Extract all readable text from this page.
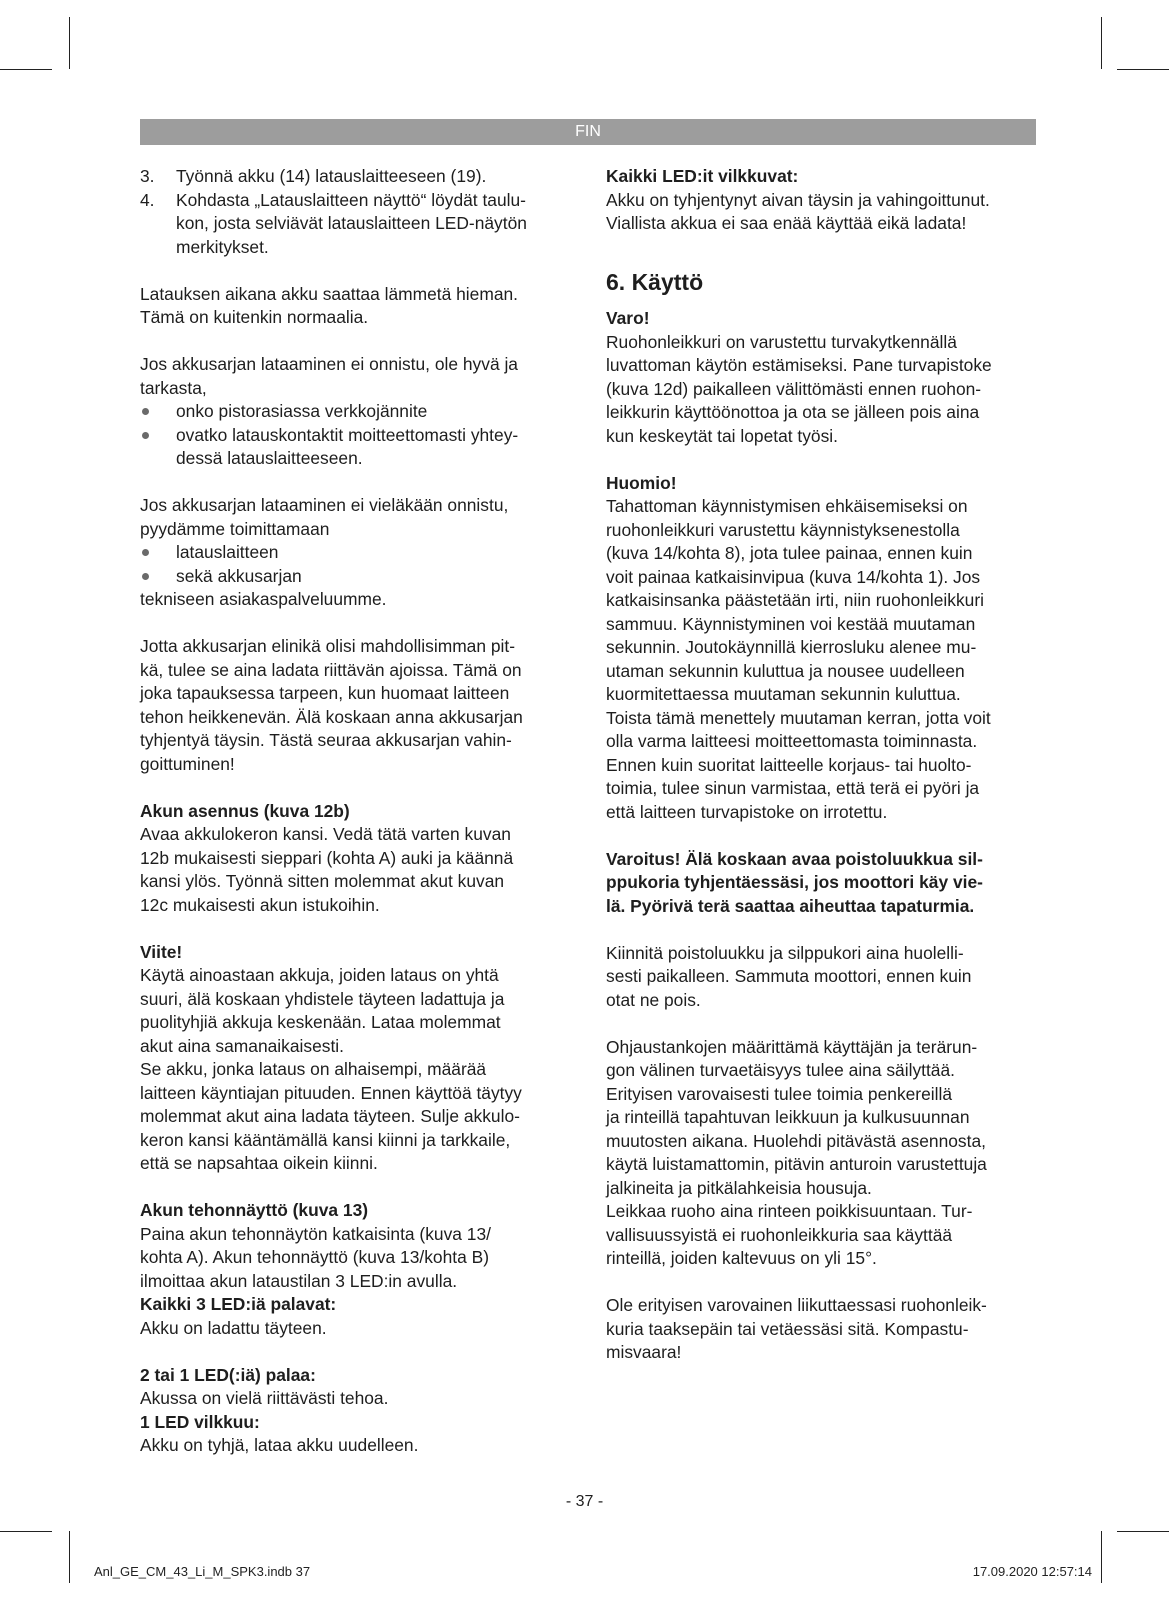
FIN
3. Työnnä akku (14) latauslaitteeseen (19).
4. Kohdasta „Latauslaitteen näyttö“ löydät taulu-
kon, josta selviävät latauslaitteen LED-näytön
merkitykset.

Latauksen aikana akku saattaa lämmetä hieman.
Tämä on kuitenkin normaalia.

Jos akkusarjan lataaminen ei onnistu, ole hyvä ja
tarkasta,

onko pistorasiassa verkkojännite
ovatko latauskontaktit moitteettomasti yhtey-
dessä latauslaitteeseen.

Jos akkusarjan lataaminen ei vieläkään onnistu,
pyydämme toimittamaan

latauslaitteen
sekä akkusarjan

tekniseen asiakaspalveluumme.

Jotta akkusarjan elinikä olisi mahdollisimman pit-
kä, tulee se aina ladata riittävän ajoissa. Tämä on
joka tapauksessa tarpeen, kun huomaat laitteen
tehon heikkenevän. Älä koskaan anna akkusarjan
tyhjentyä täysin. Tästä seuraa akkusarjan vahin-
goittuminen!

Akun asennus (kuva 12b)

Avaa akkulokeron kansi. Vedä tätä varten kuvan
12b mukaisesti sieppari (kohta A) auki ja käännä
kansi ylös. Työnnä sitten molemmat akut kuvan
12c mukaisesti akun istukoihin.

Viite!

Käytä ainoastaan akkuja, joiden lataus on yhtä
suuri, älä koskaan yhdistele täyteen ladattuja ja
puolityhjiä akkuja keskenään. Lataa molemmat
akut aina samanaikaisesti.
Se akku, jonka lataus on alhaisempi, määrää
laitteen käyntiajan pituuden. Ennen käyttöä täytyy
molemmat akut aina ladata täyteen. Sulje akkulo-
keron kansi kääntämällä kansi kiinni ja tarkkaile,
että se napsahtaa oikein kiinni.

Akun tehonnäyttö (kuva 13)

Paina akun tehonnäytön katkaisinta (kuva 13/
kohta A). Akun tehonnäyttö (kuva 13/kohta B)
ilmoittaa akun lataustilan 3 LED:in avulla.

Kaikki 3 LED:iä palavat:

Akku on ladattu täyteen.

2 tai 1 LED(:iä) palaa:

Akussa on vielä riittävästi tehoa.

1 LED vilkkuu:

Akku on tyhjä, lataa akku uudelleen.

Kaikki LED:it vilkkuvat:

Akku on tyhjentynyt aivan täysin ja vahingoittunut.
Viallista akkua ei saa enää käyttää eikä ladata!

6. Käyttö

Varo!

Ruohonleikkuri on varustettu turvakytkennällä
luvattoman käytön estämiseksi. Pane turvapistoke
(kuva 12d) paikalleen välittömästi ennen ruohon-
leikkurin käyttöönottoa ja ota se jälleen pois aina
kun keskeytät tai lopetat työsi.

Huomio!

Tahattoman käynnistymisen ehkäisemiseksi on
ruohonleikkuri varustettu käynnistyksenestolla
(kuva 14/kohta 8), jota tulee painaa, ennen kuin
voit painaa katkaisinvipua (kuva 14/kohta 1). Jos
katkaisinsanka päästetään irti, niin ruohonleikkuri
sammuu. Käynnistyminen voi kestää muutaman
sekunnin. Joutokäynnillä kierrosluku alenee mu-
utaman sekunnin kuluttua ja nousee uudelleen
kuormitettaessa muutaman sekunnin kuluttua.
Toista tämä menettely muutaman kerran, jotta voit
olla varma laitteesi moitteettomasta toiminnasta.
Ennen kuin suoritat laitteelle korjaus- tai huolto-
toimia, tulee sinun varmistaa, että terä ei pyöri ja
että laitteen turvapistoke on irrotettu.

Varoitus! Älä koskaan avaa poistoluukkua sil-
ppukoria tyhjentäessäsi, jos moottori käy vie-
lä. Pyörivä terä saattaa aiheuttaa tapaturmia.

Kiinnitä poistoluukku ja silppukori aina huolelli-
sesti paikalleen. Sammuta moottori, ennen kuin
otat ne pois.

Ohjaustankojen määrittämä käyttäjän ja terärun-
gon välinen turvaetäisyys tulee aina säilyttää.
Erityisen varovaisesti tulee toimia penkereillä
ja rinteillä tapahtuvan leikkuun ja kulkusuunnan
muutosten aikana. Huolehdi pitävästä asennosta,
käytä luistamattomin, pitävin anturoin varustettuja
jalkineita ja pitkälahkeisia housuja.
Leikkaa ruoho aina rinteen poikkisuuntaan. Tur-
vallisuussyistä ei ruohonleikkuria saa käyttää
rinteillä, joiden kaltevuus on yli 15°.

Ole erityisen varovainen liikuttaessasi ruohonleik-
kuria taaksepäin tai vetäessäsi sitä. Kompastu-
misvaara!

- 37 -
Anl_GE_CM_43_Li_M_SPK3.indb 37	17.09.2020 12:57:14
